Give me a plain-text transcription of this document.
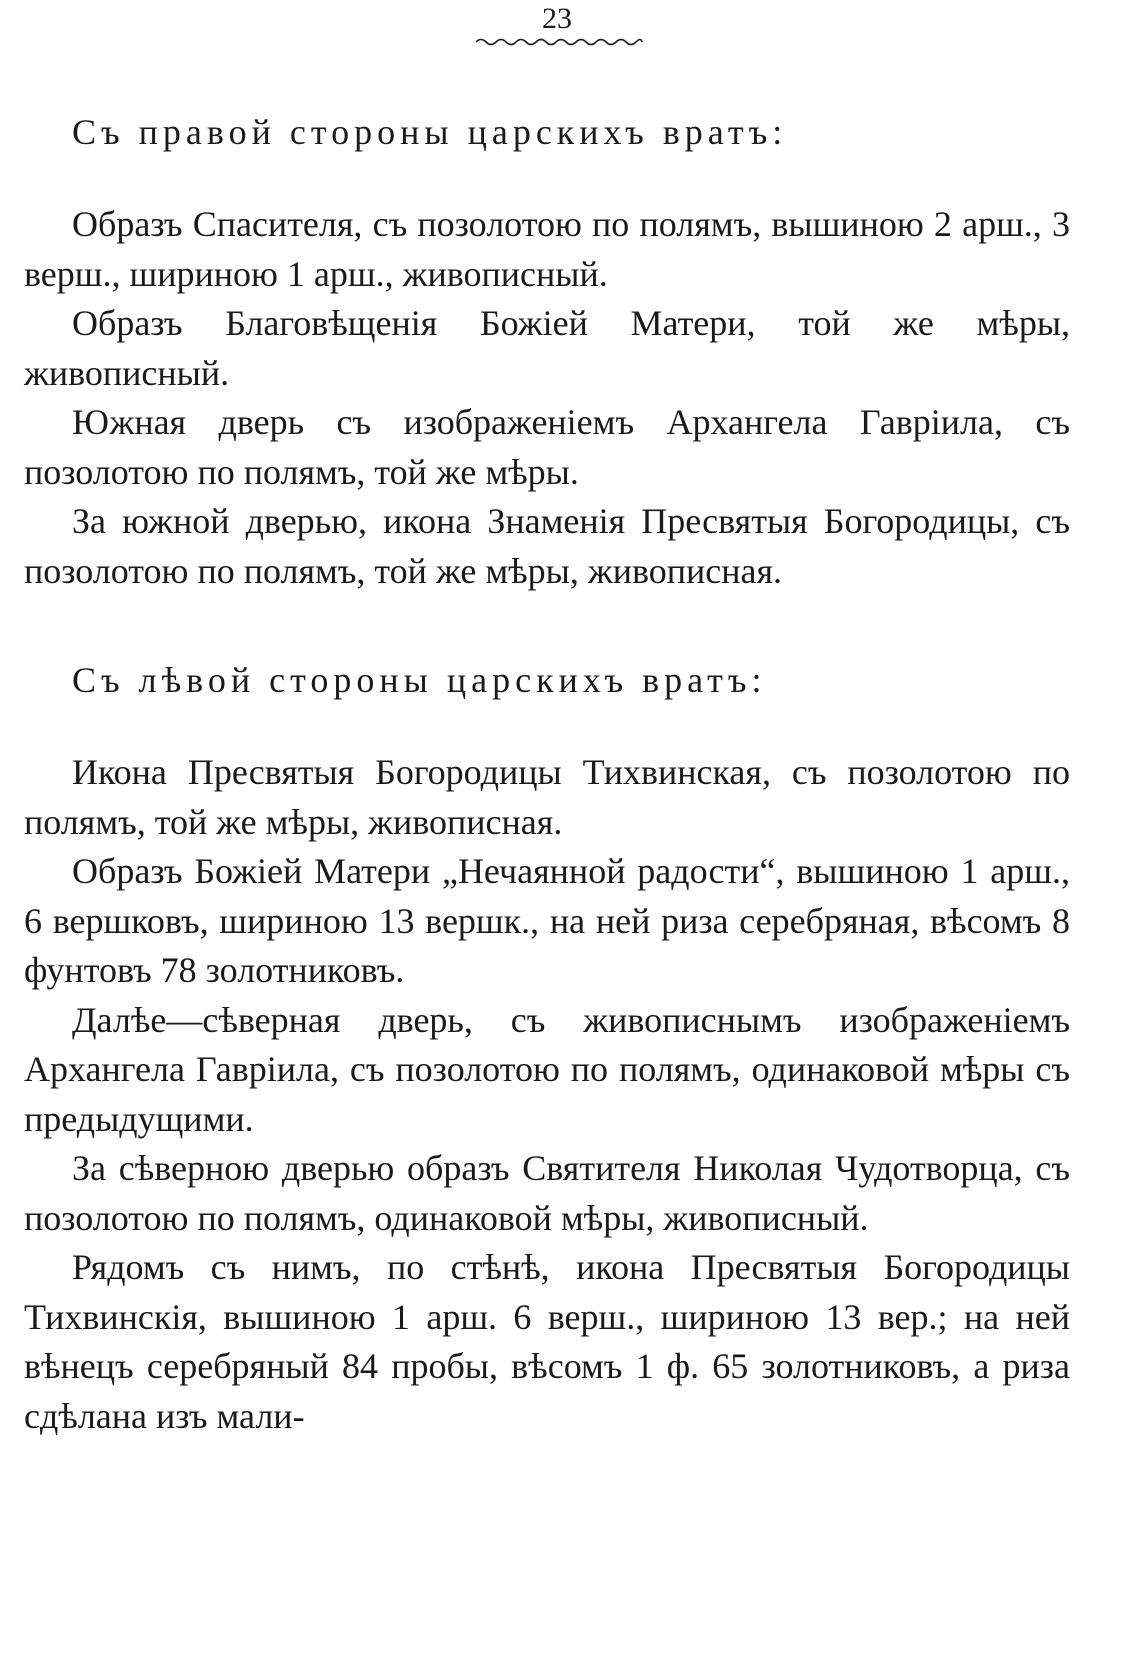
23
Съ правой стороны царскихъ вратъ:

Образъ Спасителя, съ позолотою по полямъ, вышиною 2 арш., 3 верш., шириною 1 арш., живописный.

Образъ Благовѣщенія Божіей Матери, той же мѣры, живописный.

Южная дверь съ изображеніемъ Архангела Гавріила, съ позолотою по полямъ, той же мѣры.

За южной дверью, икона Знаменія Пресвятыя Богородицы, съ позолотою по полямъ, той же мѣры, живописная.

Съ лѣвой стороны царскихъ вратъ:

Икона Пресвятыя Богородицы Тихвинская, съ позолотою по полямъ, той же мѣры, живописная.

Образъ Божіей Матери „Нечаянной радости“, вышиною 1 арш., 6 вершковъ, шириною 13 вершк., на ней риза серебряная, вѣсомъ 8 фунтовъ 78 золотниковъ.

Далѣе—сѣверная дверь, съ живописнымъ изображеніемъ Архангела Гавріила, съ позолотою по полямъ, одинаковой мѣры съ предыдущими.

За сѣверною дверью образъ Святителя Николая Чудотворца, съ позолотою по полямъ, одинаковой мѣры, живописный.

Рядомъ съ нимъ, по стѣнѣ, икона Пресвятыя Богородицы Тихвинскія, вышиною 1 арш. 6 верш., шириною 13 вер.; на ней вѣнецъ серебряный 84 пробы, вѣсомъ 1 ф. 65 золотниковъ, а риза сдѣлана изъ мали-
